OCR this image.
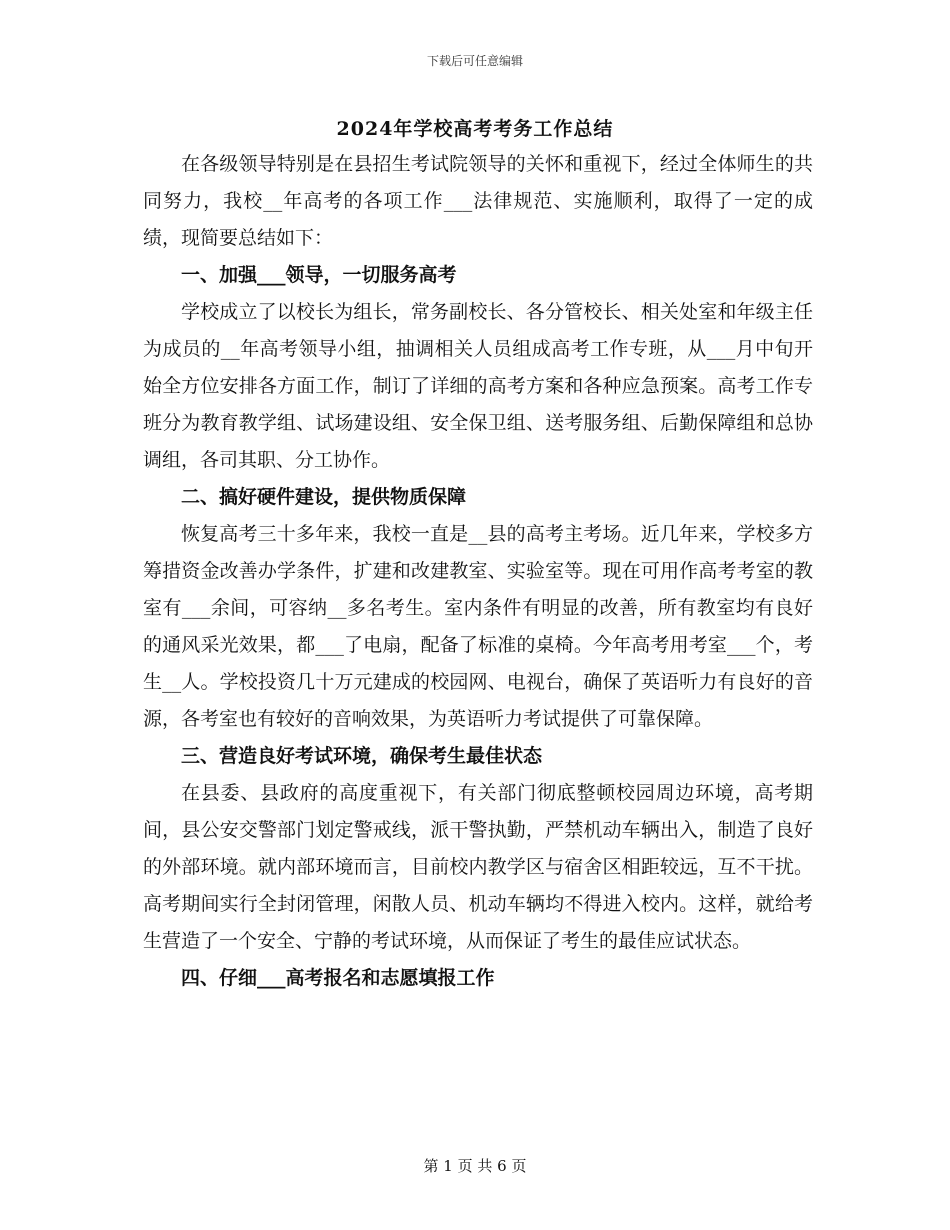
下载后可任意编辑
2024年学校高考考务工作总结

在各级领导特别是在县招生考试院领导的关怀和重视下，经过全体师生的共同努力，我校__年高考的各项工作___法律规范、实施顺利，取得了一定的成绩，现简要总结如下：

一、加强___领导，一切服务高考

学校成立了以校长为组长，常务副校长、各分管校长、相关处室和年级主任为成员的__年高考领导小组，抽调相关人员组成高考工作专班，从___月中旬开始全方位安排各方面工作，制订了详细的高考方案和各种应急预案。高考工作专班分为教育教学组、试场建设组、安全保卫组、送考服务组、后勤保障组和总协调组，各司其职、分工协作。

二、搞好硬件建设，提供物质保障

恢复高考三十多年来，我校一直是__县的高考主考场。近几年来，学校多方筹措资金改善办学条件，扩建和改建教室、实验室等。现在可用作高考考室的教室有___余间，可容纳__多名考生。室内条件有明显的改善，所有教室均有良好的通风采光效果，都___了电扇，配备了标准的桌椅。今年高考用考室___个，考生__人。学校投资几十万元建成的校园网、电视台，确保了英语听力有良好的音源，各考室也有较好的音响效果，为英语听力考试提供了可靠保障。

三、营造良好考试环境，确保考生最佳状态

在县委、县政府的高度重视下，有关部门彻底整顿校园周边环境，高考期间，县公安交警部门划定警戒线，派干警执勤，严禁机动车辆出入，制造了良好的外部环境。就内部环境而言，目前校内教学区与宿舍区相距较远，互不干扰。高考期间实行全封闭管理，闲散人员、机动车辆均不得进入校内。这样，就给考生营造了一个安全、宁静的考试环境，从而保证了考生的最佳应试状态。

四、仔细___高考报名和志愿填报工作
第 1 页 共 6 页
